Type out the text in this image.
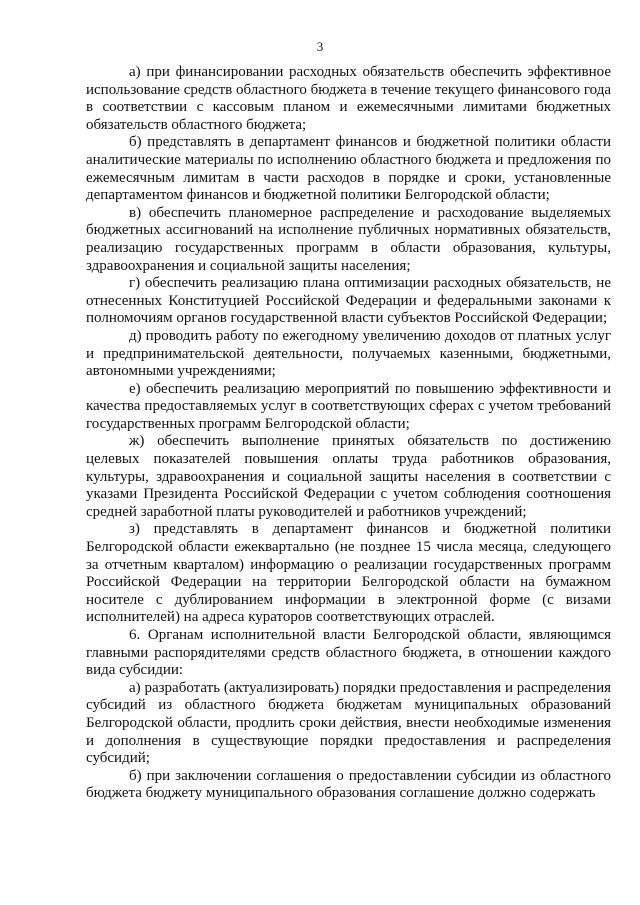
3

а) при финансировании расходных обязательств обеспечить эффективное использование средств областного бюджета в течение текущего финансового года в соответствии с кассовым планом и ежемесячными лимитами бюджетных обязательств областного бюджета;

б) представлять в департамент финансов и бюджетной политики области аналитические материалы по исполнению областного бюджета и предложения по ежемесячным лимитам в части расходов в порядке и сроки, установленные департаментом финансов и бюджетной политики Белгородской области;

в) обеспечить планомерное распределение и расходование выделяемых бюджетных ассигнований на исполнение публичных нормативных обязательств, реализацию государственных программ в области образования, культуры, здравоохранения и социальной защиты населения;

г) обеспечить реализацию плана оптимизации расходных обязательств, не отнесенных Конституцией Российской Федерации и федеральными законами к полномочиям органов государственной власти субъектов Российской Федерации;

д) проводить работу по ежегодному увеличению доходов от платных услуг и предпринимательской деятельности, получаемых казенными, бюджетными, автономными учреждениями;

е) обеспечить реализацию мероприятий по повышению эффективности и качества предоставляемых услуг в соответствующих сферах с учетом требований государственных программ Белгородской области;

ж) обеспечить выполнение принятых обязательств по достижению целевых показателей повышения оплаты труда работников образования, культуры, здравоохранения и социальной защиты населения в соответствии с указами Президента Российской Федерации с учетом соблюдения соотношения средней заработной платы руководителей и работников учреждений;

з) представлять в департамент финансов и бюджетной политики Белгородской области ежеквартально (не позднее 15 числа месяца, следующего за отчетным кварталом) информацию о реализации государственных программ Российской Федерации на территории Белгородской области на бумажном носителе с дублированием информации в электронной форме (с визами исполнителей) на адреса кураторов соответствующих отраслей.

6. Органам исполнительной власти Белгородской области, являющимся главными распорядителями средств областного бюджета, в отношении каждого вида субсидии:

а) разработать (актуализировать) порядки предоставления и распределения субсидий из областного бюджета бюджетам муниципальных образований Белгородской области, продлить сроки действия, внести необходимые изменения и дополнения в существующие порядки предоставления и распределения субсидий;

б) при заключении соглашения о предоставлении субсидии из областного бюджета бюджету муниципального образования соглашение должно содержать
